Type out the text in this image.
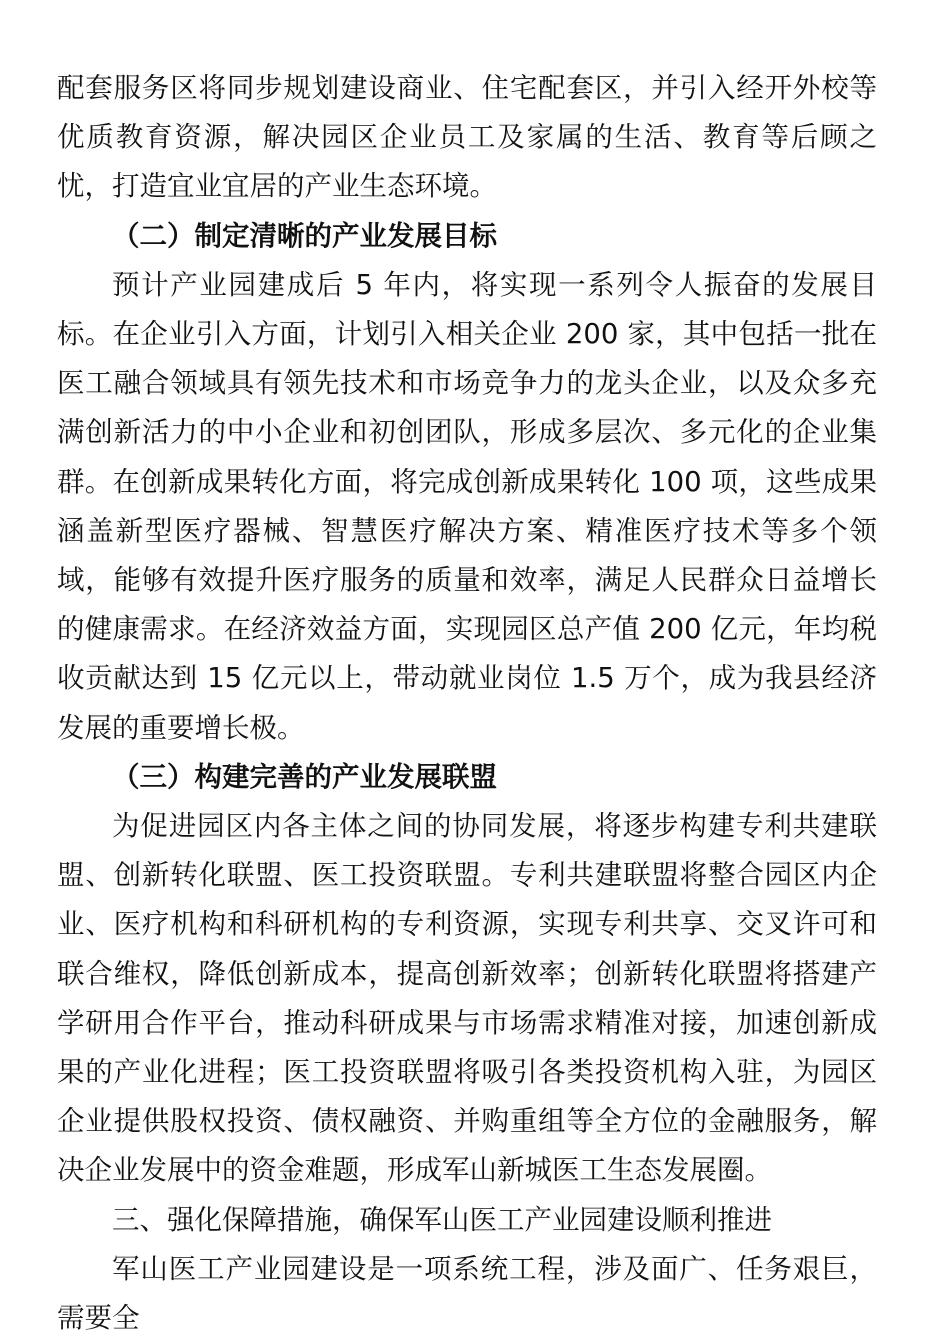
配套服务区将同步规划建设商业、住宅配套区，并引入经开外校等优质教育资源，解决园区企业员工及家属的生活、教育等后顾之忧，打造宜业宜居的产业生态环境。

（二）制定清晰的产业发展目标

预计产业园建成后 5 年内，将实现一系列令人振奋的发展目标。在企业引入方面，计划引入相关企业 200 家，其中包括一批在医工融合领域具有领先技术和市场竞争力的龙头企业，以及众多充满创新活力的中小企业和初创团队，形成多层次、多元化的企业集群。在创新成果转化方面，将完成创新成果转化 100 项，这些成果涵盖新型医疗器械、智慧医疗解决方案、精准医疗技术等多个领域，能够有效提升医疗服务的质量和效率，满足人民群众日益增长的健康需求。在经济效益方面，实现园区总产值 200 亿元，年均税收贡献达到 15 亿元以上，带动就业岗位 1.5 万个，成为我县经济发展的重要增长极。

（三）构建完善的产业发展联盟

为促进园区内各主体之间的协同发展，将逐步构建专利共建联盟、创新转化联盟、医工投资联盟。专利共建联盟将整合园区内企业、医疗机构和科研机构的专利资源，实现专利共享、交叉许可和联合维权，降低创新成本，提高创新效率；创新转化联盟将搭建产学研用合作平台，推动科研成果与市场需求精准对接，加速创新成果的产业化进程；医工投资联盟将吸引各类投资机构入驻，为园区企业提供股权投资、债权融资、并购重组等全方位的金融服务，解决企业发展中的资金难题，形成军山新城医工生态发展圈。

三、强化保障措施，确保军山医工产业园建设顺利推进

军山医工产业园建设是一项系统工程，涉及面广、任务艰巨，需要全
